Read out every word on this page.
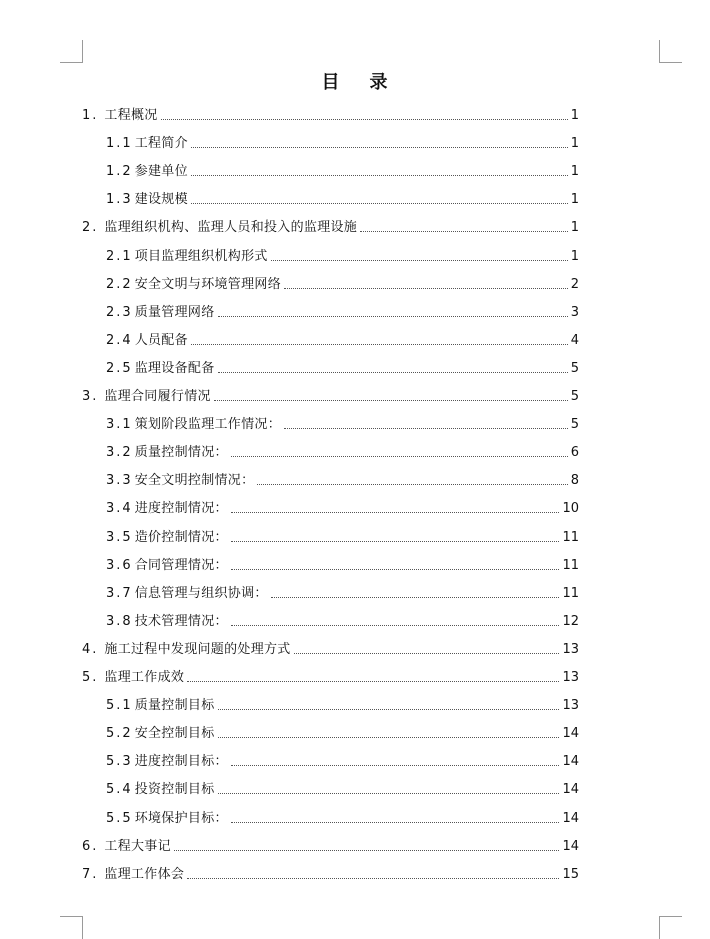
目    录
1. 工程概况	1
1.1 工程简介	1
1.2 参建单位	1
1.3 建设规模	1
2. 监理组织机构、监理人员和投入的监理设施	1
2.1 项目监理组织机构形式	1
2.2 安全文明与环境管理网络	2
2.3 质量管理网络	3
2.4 人员配备	4
2.5 监理设备配备	5
3. 监理合同履行情况	5
3.1 策划阶段监理工作情况：	5
3.2 质量控制情况：	6
3.3 安全文明控制情况：	8
3.4 进度控制情况：	10
3.5 造价控制情况：	11
3.6 合同管理情况：	11
3.7 信息管理与组织协调：	11
3.8 技术管理情况：	12
4. 施工过程中发现问题的处理方式	13
5. 监理工作成效	13
5.1 质量控制目标	13
5.2 安全控制目标	14
5.3 进度控制目标：	14
5.4 投资控制目标	14
5.5 环境保护目标：	14
6. 工程大事记	14
7. 监理工作体会	15
